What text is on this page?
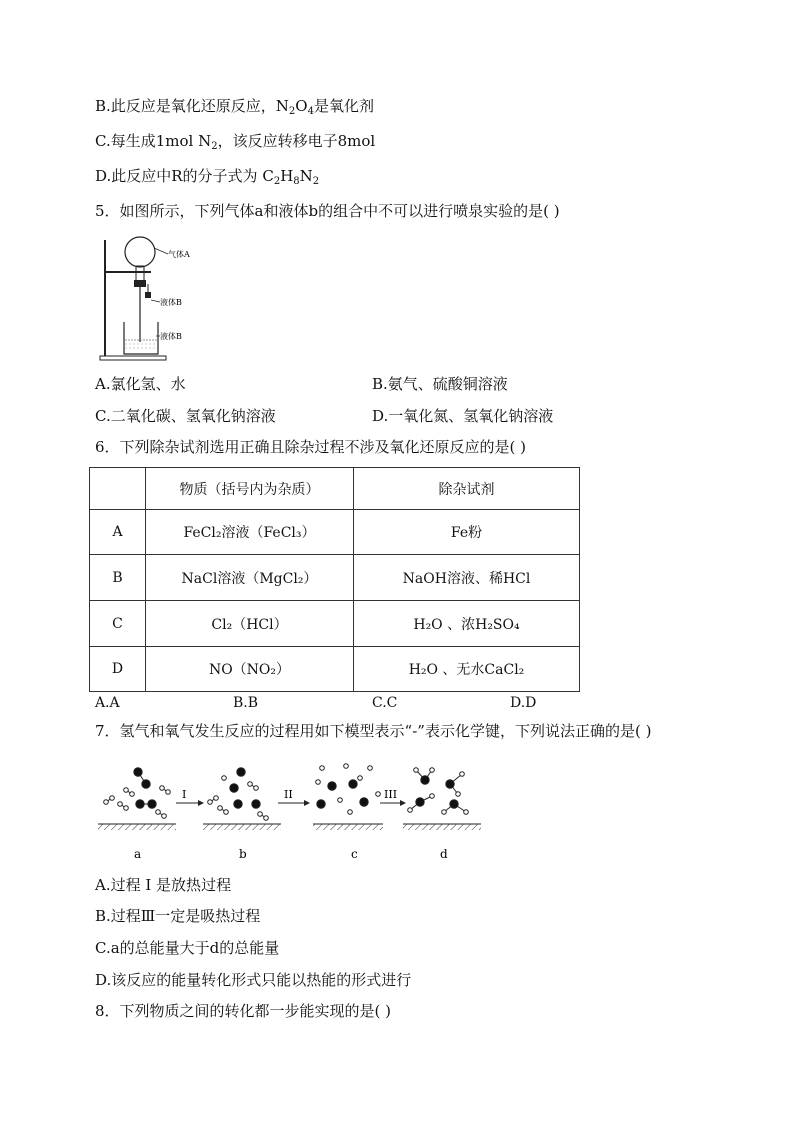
B.此反应是氧化还原反应，$N_2O_4$是氧化剂
C.每生成1mol $N_2$，该反应转移电子8mol
D.此反应中R的分子式为 $C_2H_8N_2$
5．如图所示，下列气体a和液体b的组合中不可以进行喷泉实验的是( )
气体A
液体B
液体B
A.氯化氢、水	B.氨气、硫酸铜溶液
C.二氧化碳、氢氧化钠溶液	D.一氧化氮、氢氧化钠溶液
6．下列除杂试剂选用正确且除杂过程不涉及氧化还原反应的是( )
	物质（括号内为杂质）	除杂试剂
A	FeCl₂溶液（FeCl₃）	Fe粉
B	NaCl溶液（MgCl₂）	NaOH溶液、稀HCl
C	Cl₂（HCl）	H₂O 、浓H₂SO₄
D	NO（NO₂）	H₂O 、无水CaCl₂
A.A	B.B	C.C	D.D
7．氢气和氧气发生反应的过程用如下模型表示“-”表示化学键，下列说法正确的是( )
I	II	III
a	b	c	d
A.过程 I 是放热过程
B.过程Ⅲ一定是吸热过程
C.a的总能量大于d的总能量
D.该反应的能量转化形式只能以热能的形式进行
8．下列物质之间的转化都一步能实现的是( )
